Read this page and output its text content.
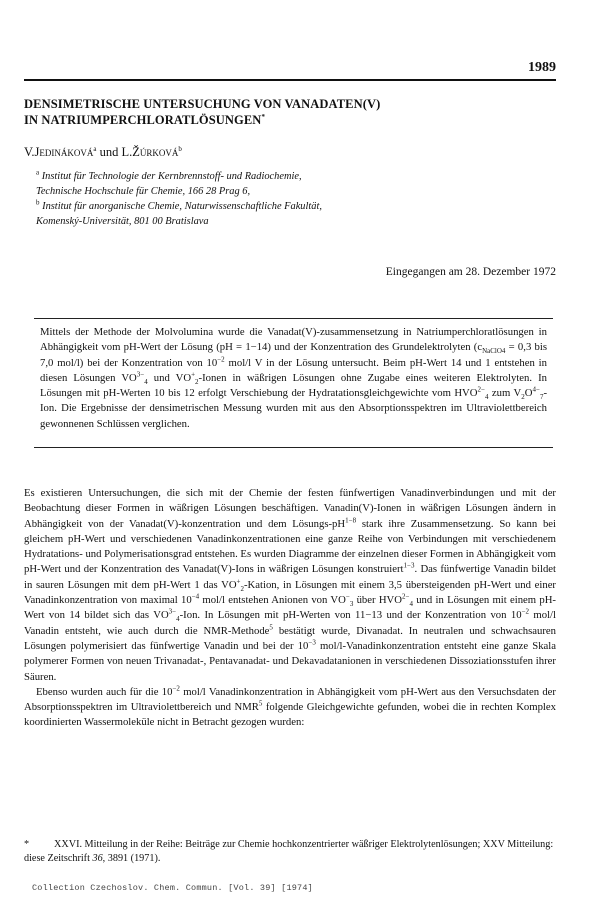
1989
DENSIMETRISCHE UNTERSUCHUNG VON VANADATEN(V)
IN NATRIUMPERCHLORATLÖSUNGEN*
V.Jedináková$^a$ und L.Žúrková$^b$
$^a$ Institut für Technologie der Kernbrennstoff- und Radiochemie,
Technische Hochschule für Chemie, 166 28 Prag 6,
$^b$ Institut für anorganische Chemie, Naturwissenschaftliche Fakultät,
Komenský-Universität, 801 00 Bratislava
Eingegangen am 28. Dezember 1972

Mittels der Methode der Molvolumina wurde die Vanadat(V)-zusammensetzung in Natriumperchloratlösungen in Abhängigkeit vom pH-Wert der Lösung (pH = 1−14) und der Konzentration des Grundelektrolyten ($c_{NaClO4} = 0,3$ bis 7,0 mol/l) bei der Konzentration von $10^{-2}$ mol/l V in der Lösung untersucht. Beim pH-Wert 14 und 1 entstehen in diesen Lösungen $VO^{3-}_4$ und $VO^+_2$-Ionen in wäßrigen Lösungen ohne Zugabe eines weiteren Elektrolyten. In Lösungen mit pH-Werten 10 bis 12 erfolgt Verschiebung der Hydratationsgleichgewichte vom $HVO^{2-}_4$ zum $V_2O^{4-}_7$-Ion. Die Ergebnisse der densimetrischen Messung wurden mit aus den Absorptionsspektren im Ultraviolettbereich gewonnenen Schlüssen verglichen.

Es existieren Untersuchungen, die sich mit der Chemie der festen fünfwertigen Vanadinverbindungen und mit der Beobachtung dieser Formen in wäßrigen Lösungen beschäftigen. Vanadin(V)-Ionen in wäßrigen Lösungen ändern in Abhängigkeit von der Vanadat(V)-konzentration und dem Lösungs-$pH^{1-8}$ stark ihre Zusammensetzung. So kann bei gleichem pH-Wert und verschiedenen Vanadinkonzentrationen eine ganze Reihe von Verbindungen mit verschiedenem Hydratations- und Polymerisationsgrad entstehen. Es wurden Diagramme der einzelnen dieser Formen in Abhängigkeit vom pH-Wert und der Konzentration des Vanadat(V)-Ions in wäßrigen Lösungen konstruiert$^{1-3}$. Das fünfwertige Vanadin bildet in sauren Lösungen mit dem pH-Wert 1 das $VO^+_2$-Kation, in Lösungen mit einem 3,5 übersteigenden pH-Wert und einer Vanadinkonzentration von maximal $10^{-4}$ mol/l entstehen Anionen von $VO^-_3$ über $HVO^{2-}_4$ und in Lösungen mit einem pH-Wert von 14 bildet sich das $VO^{3-}_4$-Ion. In Lösungen mit pH-Werten von 11−13 und der Konzentration von $10^{-2}$ mol/l Vanadin entsteht, wie auch durch die NMR-Methode$^5$ bestätigt wurde, Divanadat. In neutralen und schwachsauren Lösungen polymerisiert das fünfwertige Vanadin und bei der $10^{-3}$ mol/l-Vanadinkonzentration entsteht eine ganze Skala polymerer Formen von neuen Trivanadat-, Pentavanadat- und Dekavadatanionen in verschiedenen Dissoziationsstufen ihrer Säuren.

Ebenso wurden auch für die $10^{-2}$ mol/l Vanadinkonzentration in Abhängigkeit vom pH-Wert aus den Versuchsdaten der Absorptionsspektren im Ultraviolettbereich und NMR$^5$ folgende Gleichgewichte gefunden, wobei die in rechten Komplex koordinierten Wassermoleküle nicht in Betracht gezogen wurden:

* XXVI. Mitteilung in der Reihe: Beiträge zur Chemie hochkonzentrierter wäßriger Elektrolytenlösungen; XXV Mitteilung: diese Zeitschrift 36, 3891 (1971).
Collection Czechoslov. Chem. Commun. [Vol. 39] [1974]
